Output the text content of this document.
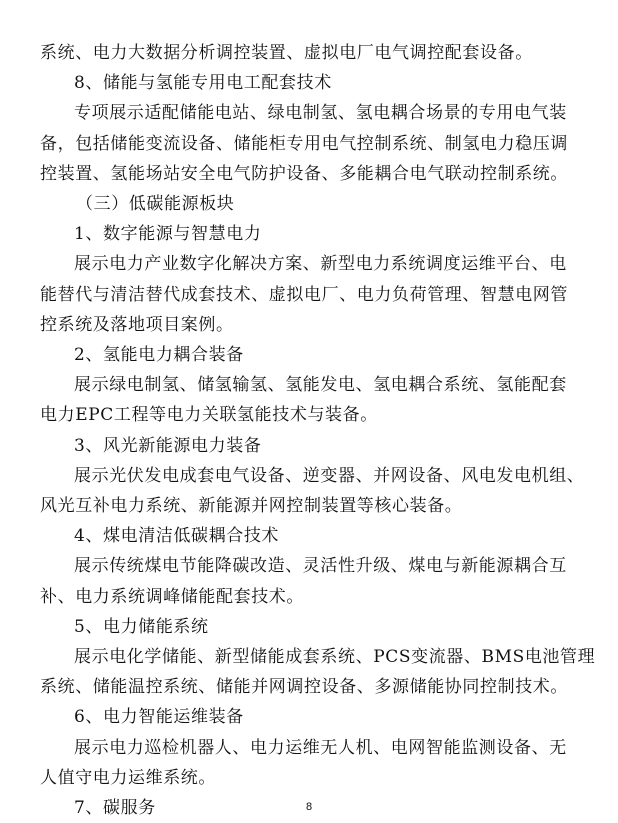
系统、电力大数据分析调控装置、虚拟电厂电气调控配套设备。
8、储能与氢能专用电工配套技术
专项展示适配储能电站、绿电制氢、氢电耦合场景的专用电气装
备，包括储能变流设备、储能柜专用电气控制系统、制氢电力稳压调
控装置、氢能场站安全电气防护设备、多能耦合电气联动控制系统。
（三）低碳能源板块
1、数字能源与智慧电力
展示电力产业数字化解决方案、新型电力系统调度运维平台、电
能替代与清洁替代成套技术、虚拟电厂、电力负荷管理、智慧电网管
控系统及落地项目案例。
2、氢能电力耦合装备
展示绿电制氢、储氢输氢、氢能发电、氢电耦合系统、氢能配套
电力EPC工程等电力关联氢能技术与装备。
3、风光新能源电力装备
展示光伏发电成套电气设备、逆变器、并网设备、风电发电机组、
风光互补电力系统、新能源并网控制装置等核心装备。
4、煤电清洁低碳耦合技术
展示传统煤电节能降碳改造、灵活性升级、煤电与新能源耦合互
补、电力系统调峰储能配套技术。
5、电力储能系统
展示电化学储能、新型储能成套系统、PCS变流器、BMS电池管理
系统、储能温控系统、储能并网调控设备、多源储能协同控制技术。
6、电力智能运维装备
展示电力巡检机器人、电力运维无人机、电网智能监测设备、无
人值守电力运维系统。
7、碳服务	8
